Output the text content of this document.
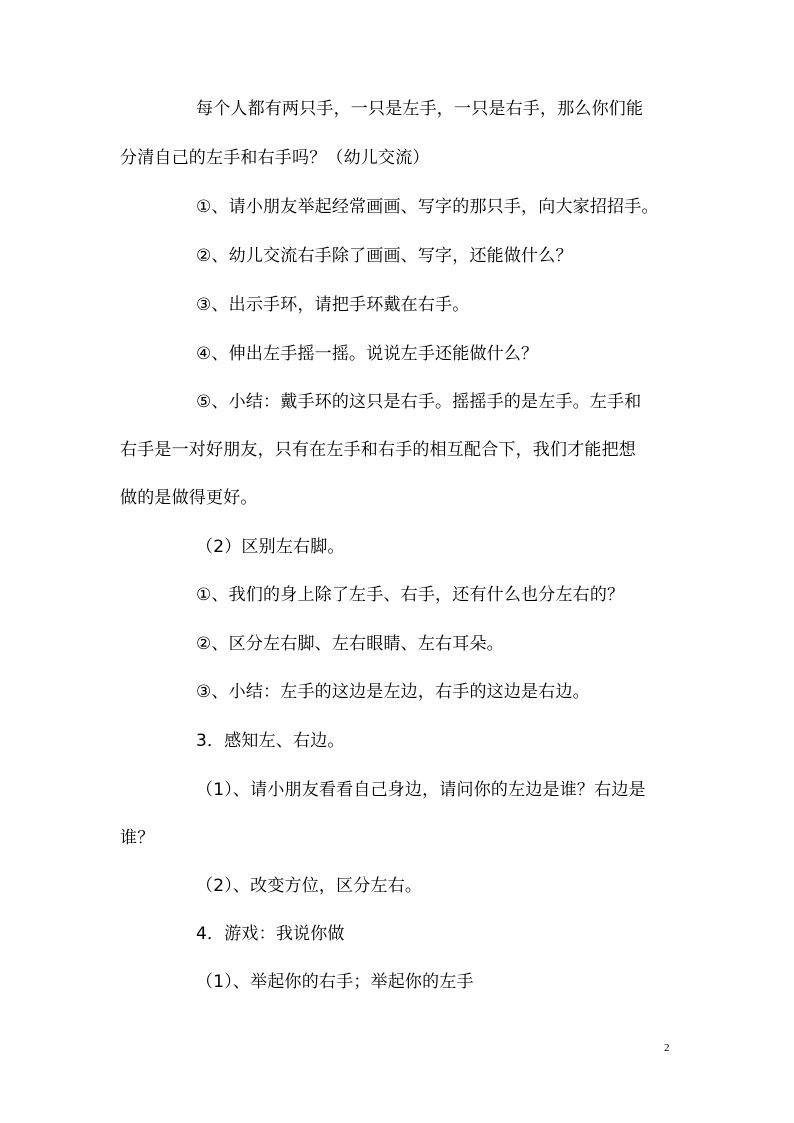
每个人都有两只手，一只是左手，一只是右手，那么你们能
分清自己的左手和右手吗？（幼儿交流）
①、请小朋友举起经常画画、写字的那只手，向大家招招手。
②、幼儿交流右手除了画画、写字，还能做什么？
③、出示手环，请把手环戴在右手。
④、伸出左手摇一摇。说说左手还能做什么？
⑤、小结：戴手环的这只是右手。摇摇手的是左手。左手和
右手是一对好朋友，只有在左手和右手的相互配合下，我们才能把想
做的是做得更好。
（2）区别左右脚。
①、我们的身上除了左手、右手，还有什么也分左右的？
②、区分左右脚、左右眼睛、左右耳朵。
③、小结：左手的这边是左边，右手的这边是右边。
3．感知左、右边。
（1）、请小朋友看看自己身边，请问你的左边是谁？右边是
谁？
（2）、改变方位，区分左右。
4．游戏：我说你做
（1）、举起你的右手；举起你的左手
2
